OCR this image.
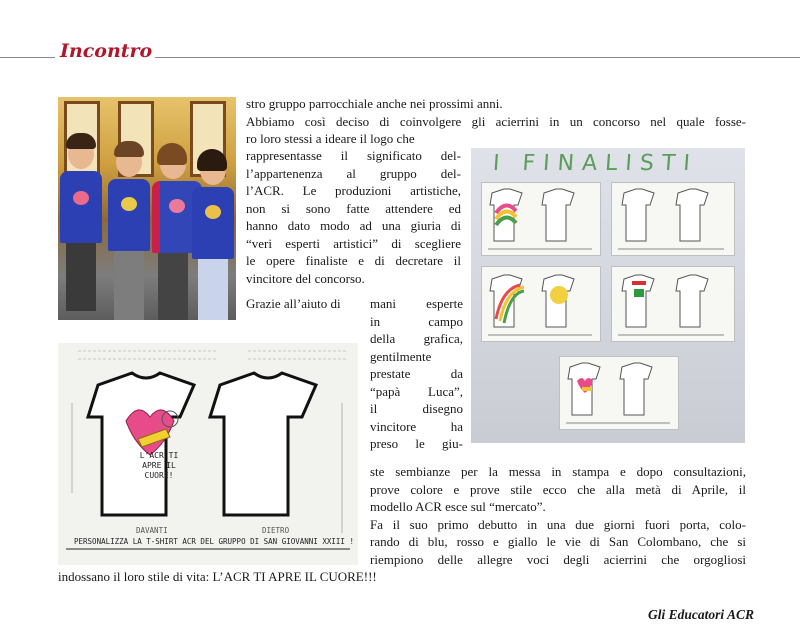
Incontro
stro gruppo parrocchiale anche nei prossimi anni.
Abbiamo così deciso di coinvolgere gli acierrini in un concorso nel quale fosse-
ro loro stessi a ideare il logo che
rappresentasse il significato del-
l’appartenenza al gruppo del-
l’ACR. Le produzioni artistiche,
non si sono fatte attendere ed
hanno dato modo ad una giuria di
“veri esperti artistici” di scegliere
le opere finaliste e di decretare il
vincitore del concorso.
Grazie all’aiuto di	mani esperte
in campo
della grafica,
gentilmente
prestate da
“papà Luca”,
il disegno
vincitore ha
preso le giu-
I FINALISTI
L’ACR TI APRE IL CUORE!
DAVANTI	DIETRO
PERSONALIZZA LA T-SHIRT ACR DEL GRUPPO DI SAN GIOVANNI XXIII !
ste sembianze per la messa in stampa e dopo consultazioni,
prove colore e prove stile ecco che alla metà di Aprile, il
modello ACR esce sul “mercato”.
Fa il suo primo debutto in una due giorni fuori porta, colo-
rando di blu, rosso e giallo le vie di San Colombano, che si
riempiono delle allegre voci degli acierrini che orgogliosi
indossano il loro stile di vita: L’ACR TI APRE IL CUORE!!!
Gli Educatori ACR
